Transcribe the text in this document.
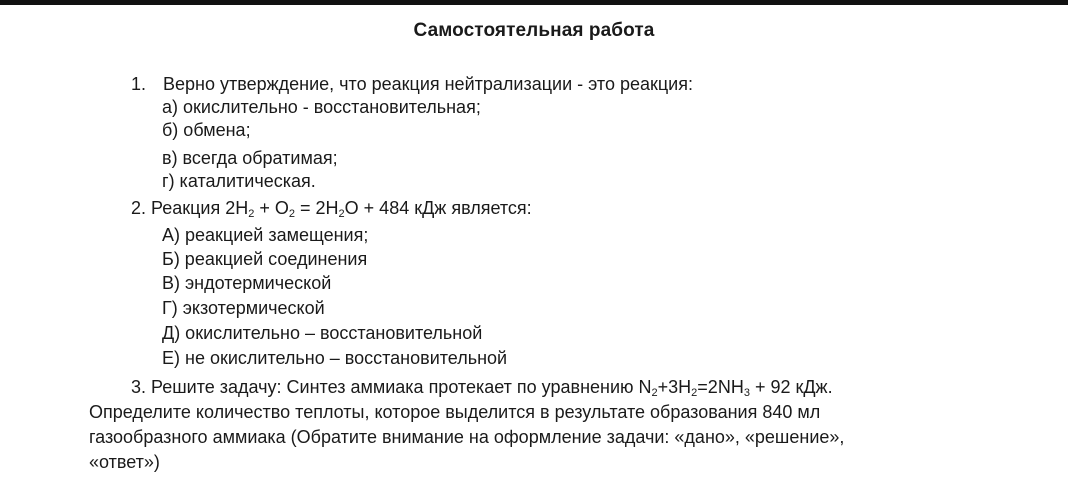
Самостоятельная работа
1. Верно утверждение, что реакция нейтрализации - это реакция:
а) окислительно - восстановительная;
б) обмена;
в) всегда обратимая;
г) каталитическая.
2. Реакция $2H_2 + O_2 = 2H_2O + 484$ кДж является:
А) реакцией замещения;
Б) реакцией соединения
В) эндотермической
Г) экзотермической
Д) окислительно – восстановительной
Е) не окислительно – восстановительной
3. Решите задачу: Синтез аммиака протекает по уравнению $N_2+3H_2=2NH_3 + 92$ кДж.
Определите количество теплоты, которое выделится в результате образования 840 мл
газообразного аммиака (Обратите внимание на оформление задачи: «дано», «решение»,
«ответ»)
